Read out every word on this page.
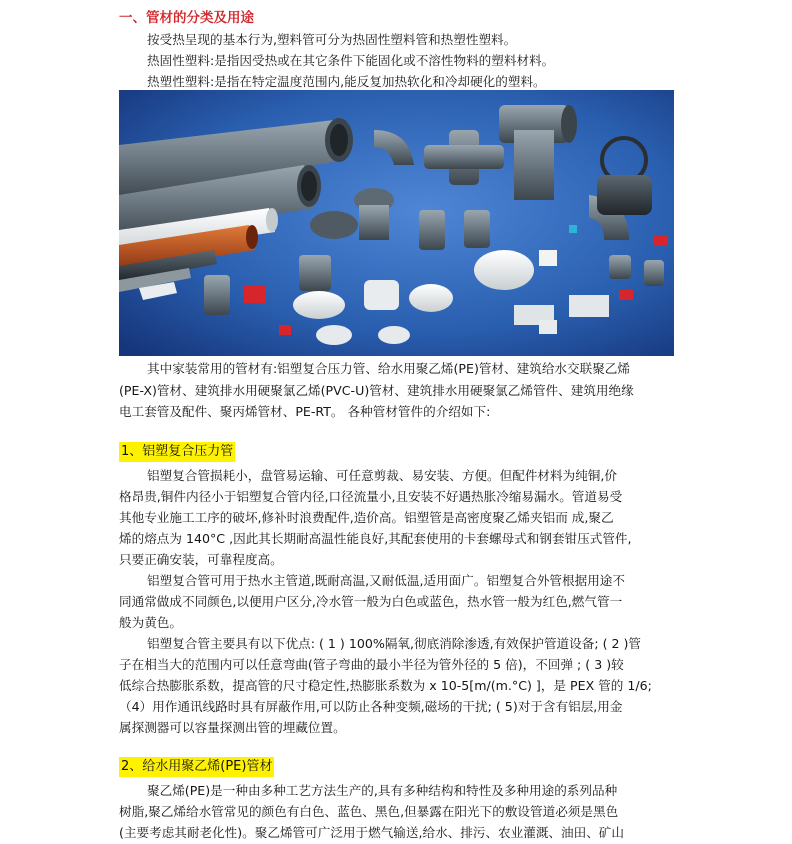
一、管材的分类及用途
按受热呈现的基本行为,塑料管可分为热固性塑料管和热塑性塑料。
热固性塑料:是指因受热或在其它条件下能固化或不溶性物料的塑料材料。
热塑性塑料:是指在特定温度范围内,能反复加热软化和冷却硬化的塑料。
其中家装常用的管材有:铝塑复合压力管、给水用聚乙烯(PE)管材、建筑给水交联聚乙烯
(PE-X)管材、建筑排水用硬聚氯乙烯(PVC-U)管材、建筑排水用硬聚氯乙烯管件、建筑用绝缘
电工套管及配件、聚丙烯管材、PE-RT。 各种管材管件的介绍如下:
1、铝塑复合压力管
铝塑复合管损耗小，盘管易运输、可任意剪裁、易安装、方便。但配件材料为纯铜,价
格昂贵,铜件内径小于铝塑复合管内径,口径流量小,且安装不好遇热胀冷缩易漏水。管道易受
其他专业施工工序的破坏,修补时浪费配件,造价高。铝塑管是高密度聚乙烯夹铝而 成,聚乙
烯的熔点为 140°C ,因此其长期耐高温性能良好,其配套使用的卡套螺母式和钢套钳压式管件,
只要正确安装，可靠程度高。
铝塑复合管可用于热水主管道,既耐高温,又耐低温,适用面广。铝塑复合外管根据用途不
同通常做成不同颜色,以便用户区分,冷水管一般为白色或蓝色，热水管一般为红色,燃气管一
般为黄色。
铝塑复合管主要具有以下优点: ( 1 ) 100%隔氧,彻底消除渗透,有效保护管道设备; ( 2 )管
子在相当大的范围内可以任意弯曲(管子弯曲的最小半径为管外径的 5 倍)，不回弹 ; ( 3 )较
低综合热膨胀系数，提高管的尺寸稳定性,热膨胀系数为 x 10-5[m/(m.°C) ]，是 PEX 管的 1/6;
（4）用作通讯线路时具有屏蔽作用,可以防止各种变频,磁场的干扰; ( 5)对于含有铝层,用金
属探测器可以容量探测出管的埋藏位置。
2、给水用聚乙烯(PE)管材
聚乙烯(PE)是一种由多种工艺方法生产的,具有多种结构和特性及多种用途的系列品种
树脂,聚乙烯给水管常见的颜色有白色、蓝色、黑色,但暴露在阳光下的敷设管道必须是黑色
(主要考虑其耐老化性)。聚乙烯管可广泛用于燃气输送,给水、排污、农业灌溉、油田、矿山
